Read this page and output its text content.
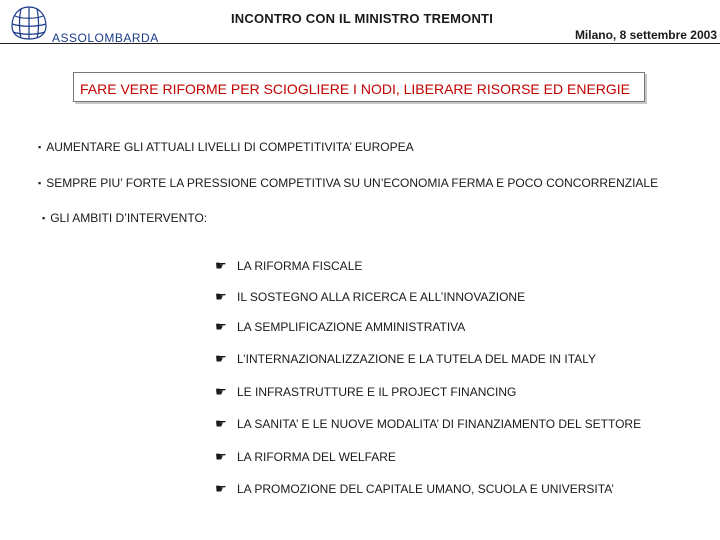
ASSOLOMBARDA
INCONTRO CON IL MINISTRO TREMONTI
Milano, 8 settembre 2003
FARE VERE RIFORME PER SCIOGLIERE I NODI, LIBERARE RISORSE ED ENERGIE
▪ AUMENTARE GLI ATTUALI LIVELLI DI COMPETITIVITA’ EUROPEA
▪ SEMPRE PIU’ FORTE LA PRESSIONE COMPETITIVA SU UN’ECONOMIA FERMA E POCO CONCORRENZIALE
▪ GLI AMBITI D’INTERVENTO:
☛ LA RIFORMA FISCALE
☛ IL SOSTEGNO ALLA RICERCA E ALL’INNOVAZIONE
☛ LA SEMPLIFICAZIONE AMMINISTRATIVA
☛ L’INTERNAZIONALIZZAZIONE E LA TUTELA DEL MADE IN ITALY
☛ LE INFRASTRUTTURE E IL PROJECT FINANCING
☛ LA SANITA’ E LE NUOVE MODALITA’ DI FINANZIAMENTO DEL SETTORE
☛ LA RIFORMA DEL WELFARE
☛ LA PROMOZIONE DEL CAPITALE UMANO, SCUOLA E UNIVERSITA’
